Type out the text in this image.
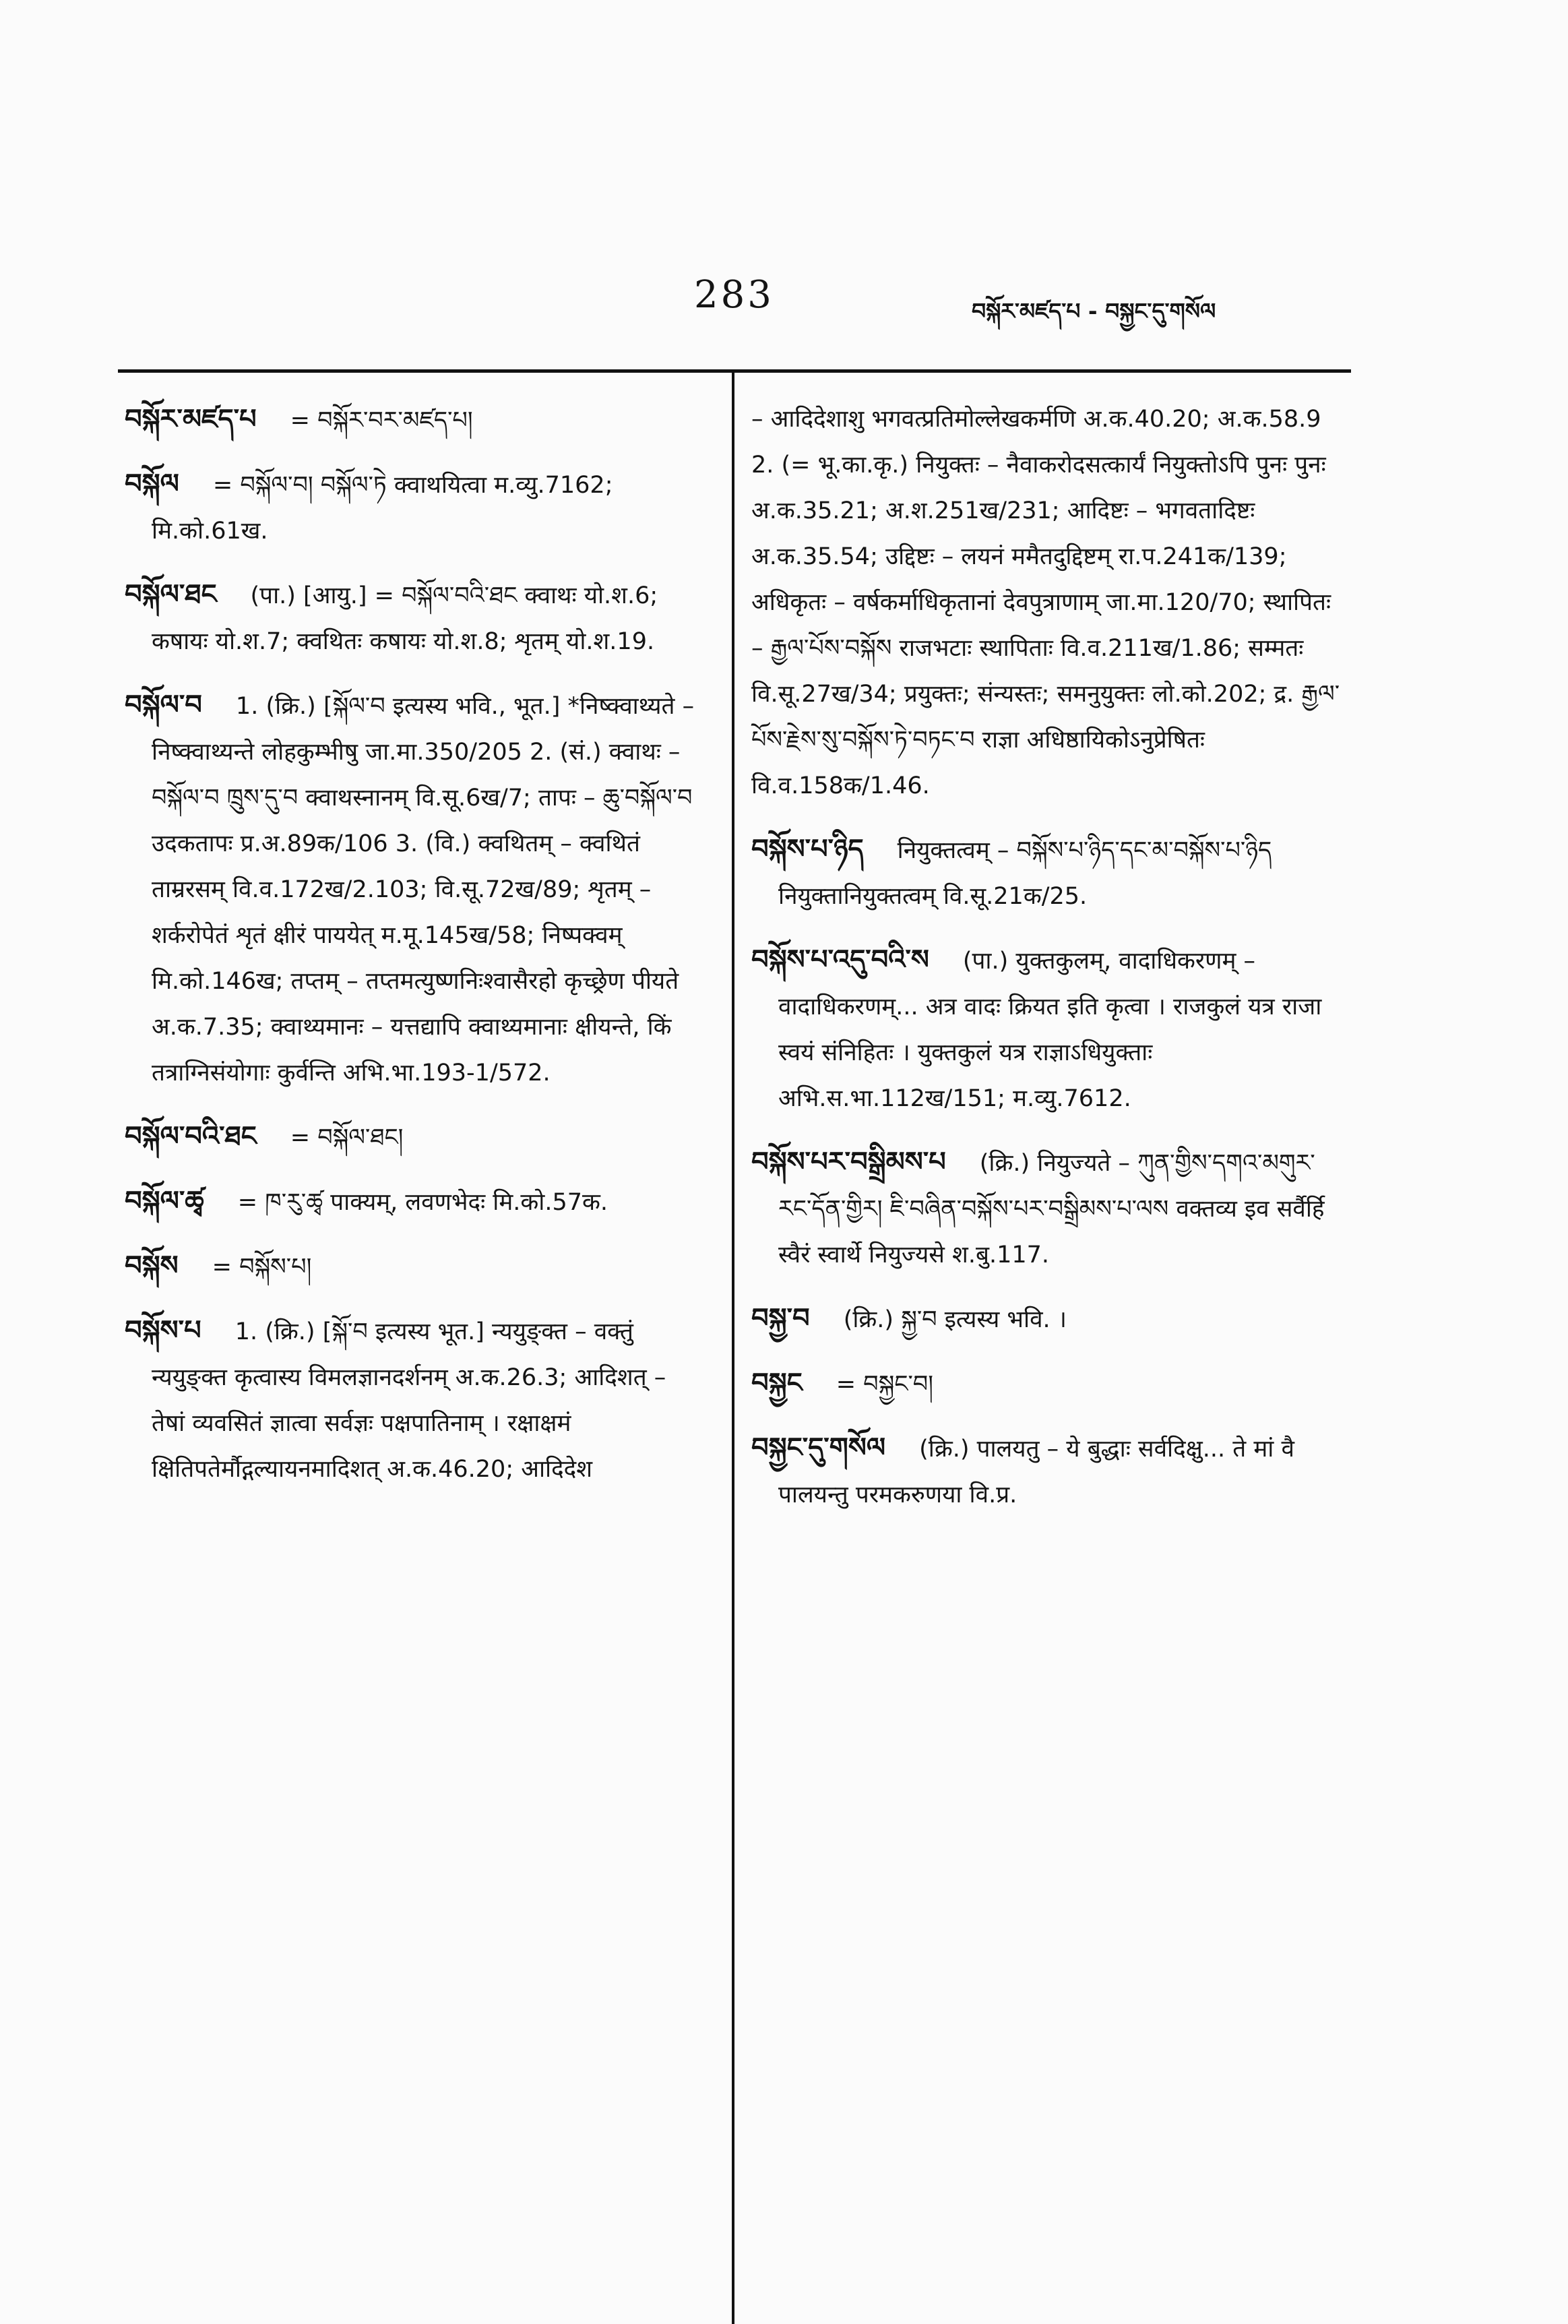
283	བསྐོར་མཛད་པ - བསྐྱང་དུ་གསོལ

བསྐོར་མཛད་པ = བསྐོར་བར་མཛད་པ།

བསྐོལ = བསྐོལ་བ། བསྐོལ་ཏེ क्वाथयित्वा म.व्यु.7162; मि.को.61ख.

བསྐོལ་ཐང (पा.) [आयु.] = བསྐོལ་བའི་ཐང क्वाथः यो.श.6; कषायः यो.श.7; क्वथितः कषायः यो.श.8; शृतम् यो.श.19.

བསྐོལ་བ 1. (क्रि.) [སྐོལ་བ इत्यस्य भवि., भूत.] *निष्क्वाथ्यते – निष्क्वाथ्यन्ते लोहकुम्भीषु जा.मा.350/205 2. (सं.) क्वाथः – བསྐོལ་བ ཁྲུས་དུ་བ क्वाथस्नानम् वि.सू.6ख/7; तापः – ཆུ་བསྐོལ་བ उदकतापः प्र.अ.89क/106 3. (वि.) क्वथितम् – क्वथितं ताम्ररसम् वि.व.172ख/2.103; वि.सू.72ख/89; शृतम् – शर्करोपेतं शृतं क्षीरं पाययेत् म.मू.145ख/58; निष्पक्वम् मि.को.146ख; तप्तम् – तप्तमत्युष्णनिःश्वासैरहो कृच्छ्रेण पीयते अ.क.7.35; क्वाथ्यमानः – यत्तद्यापि क्वाथ्यमानाः क्षीयन्ते, किं तत्राग्निसंयोगाः कुर्वन्ति अभि.भा.193-1/572.

བསྐོལ་བའི་ཐང = བསྐོལ་ཐང།

བསྐོལ་ཚྭ = ཁ་རུ་ཚྭ पाक्यम्, लवणभेदः मि.को.57क.

བསྐོས = བསྐོས་པ།

བསྐོས་པ 1. (क्रि.) [སྐོ་བ इत्यस्य भूत.] न्ययुङ्क्त – वक्तुं न्ययुङ्क्त कृत्वास्य विमलज्ञानदर्शनम् अ.क.26.3; आदिशत् – तेषां व्यवसितं ज्ञात्वा सर्वज्ञः पक्षपातिनाम् । रक्षाक्षमं क्षितिपतेर्मौद्गल्यायनमादिशत् अ.क.46.20; आदिदेश

– आदिदेशाशु भगवत्प्रतिमोल्लेखकर्मणि अ.क.40.20; अ.क.58.9 2. (= भू.का.कृ.) नियुक्तः – नैवाकरोदसत्कार्यं नियुक्तोऽपि पुनः पुनः अ.क.35.21; अ.श.251ख/231; आदिष्टः – भगवतादिष्टः अ.क.35.54; उद्दिष्टः – लयनं ममैतदुद्दिष्टम् रा.प.241क/139; अधिकृतः – वर्षकर्माधिकृतानां देवपुत्राणाम् जा.मा.120/70; स्थापितः – རྒྱལ་པོས་བསྐོས राजभटाः स्थापिताः वि.व.211ख/1.86; सम्मतः वि.सू.27ख/34; प्रयुक्तः; संन्यस्तः; समनुयुक्तः लो.को.202; द्र. རྒྱལ་པོས་རྗེས་སུ་བསྐོས་ཏེ་བཏང་བ राज्ञा अधिष्ठायिकोऽनुप्रेषितः वि.व.158क/1.46.

བསྐོས་པ་ཉིད नियुक्तत्वम् – བསྐོས་པ་ཉིད་དང་མ་བསྐོས་པ་ཉིད नियुक्तानियुक्तत्वम् वि.सू.21क/25.

བསྐོས་པ་འདུ་བའི་ས (पा.) युक्तकुलम्, वादाधिकरणम् – वादाधिकरणम्... अत्र वादः क्रियत इति कृत्वा । राजकुलं यत्र राजा स्वयं संनिहितः । युक्तकुलं यत्र राज्ञाऽधियुक्ताः अभि.स.भा.112ख/151; म.व्यु.7612.

བསྐོས་པར་བསྒྲིམས་པ (क्रि.) नियुज्यते – ཀུན་གྱིས་དགའ་མགུར་རང་དོན་གྱིར། ཇི་བཞིན་བསྐོས་པར་བསྒྲིམས་པ་ལས वक्तव्य इव सर्वैर्हि स्वैरं स्वार्थे नियुज्यसे श.बु.117.

བསྐྱ་བ (क्रि.) སྐྱ་བ इत्यस्य भवि. ।

བསྐྱང = བསྐྱང་བ།

བསྐྱང་དུ་གསོལ (क्रि.) पालयतु – ये बुद्धाः सर्वदिक्षु... ते मां वै पालयन्तु परमकरुणया वि.प्र.
